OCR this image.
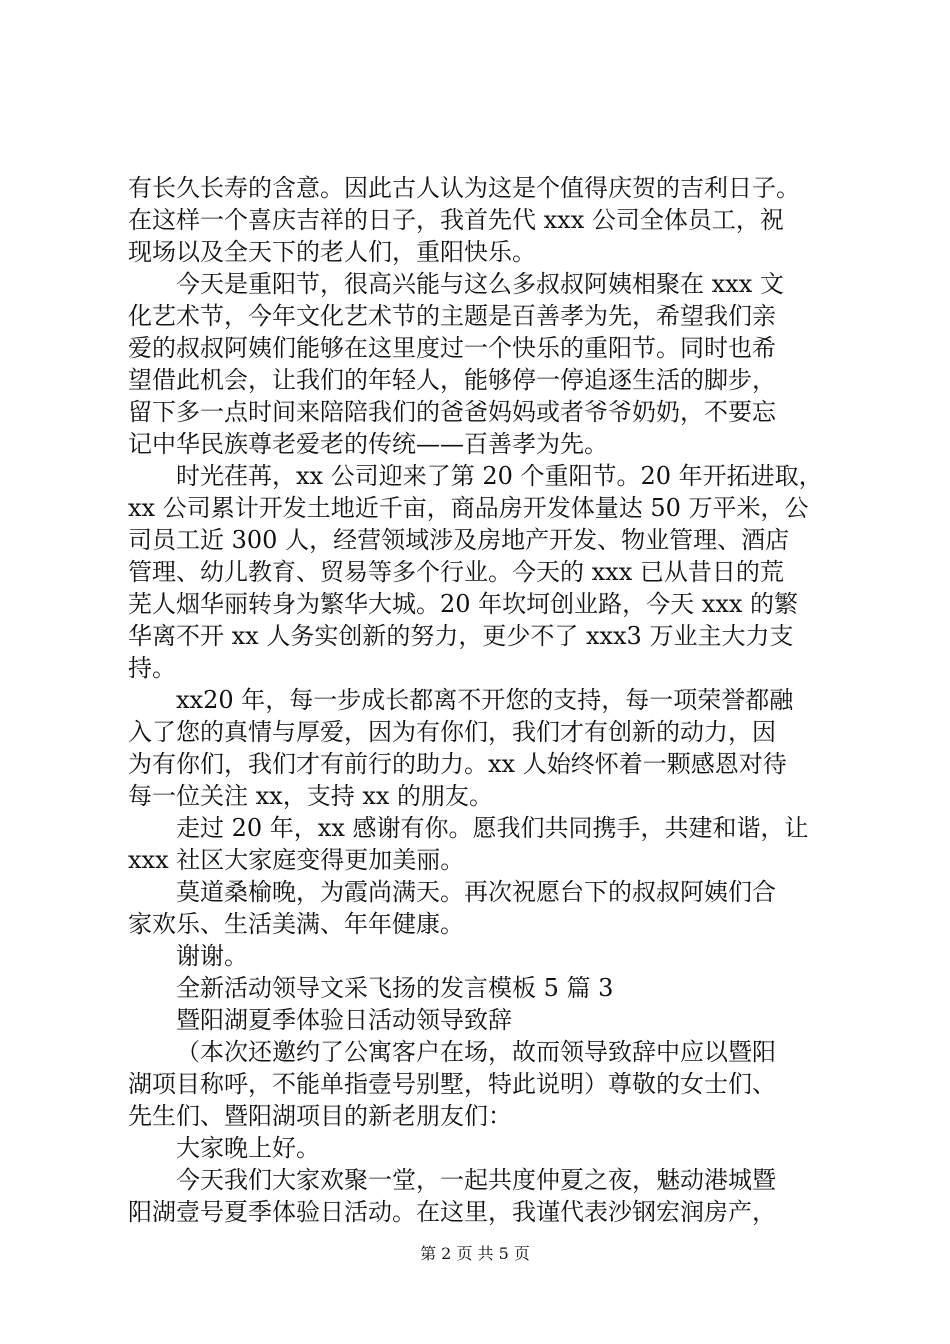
有长久长寿的含意。因此古人认为这是个值得庆贺的吉利日子。
在这样一个喜庆吉祥的日子，我首先代 xxx 公司全体员工，祝
现场以及全天下的老人们，重阳快乐。
今天是重阳节，很高兴能与这么多叔叔阿姨相聚在 xxx 文
化艺术节，今年文化艺术节的主题是百善孝为先，希望我们亲
爱的叔叔阿姨们能够在这里度过一个快乐的重阳节。同时也希
望借此机会，让我们的年轻人，能够停一停追逐生活的脚步，
留下多一点时间来陪陪我们的爸爸妈妈或者爷爷奶奶，不要忘
记中华民族尊老爱老的传统——百善孝为先。
时光荏苒，xx 公司迎来了第 20 个重阳节。20 年开拓进取，
xx 公司累计开发土地近千亩，商品房开发体量达 50 万平米，公
司员工近 300 人，经营领域涉及房地产开发、物业管理、酒店
管理、幼儿教育、贸易等多个行业。今天的 xxx 已从昔日的荒
芜人烟华丽转身为繁华大城。20 年坎坷创业路，今天 xxx 的繁
华离不开 xx 人务实创新的努力，更少不了 xxx3 万业主大力支
持。
xx20 年，每一步成长都离不开您的支持，每一项荣誉都融
入了您的真情与厚爱，因为有你们，我们才有创新的动力，因
为有你们，我们才有前行的助力。xx 人始终怀着一颗感恩对待
每一位关注 xx，支持 xx 的朋友。
走过 20 年，xx 感谢有你。愿我们共同携手，共建和谐，让
xxx 社区大家庭变得更加美丽。
莫道桑榆晚，为霞尚满天。再次祝愿台下的叔叔阿姨们合
家欢乐、生活美满、年年健康。
谢谢。
全新活动领导文采飞扬的发言模板 5 篇 3
暨阳湖夏季体验日活动领导致辞
（本次还邀约了公寓客户在场，故而领导致辞中应以暨阳
湖项目称呼，不能单指壹号别墅，特此说明）尊敬的女士们、
先生们、暨阳湖项目的新老朋友们：
大家晚上好。
今天我们大家欢聚一堂，一起共度仲夏之夜，魅动港城暨
阳湖壹号夏季体验日活动。在这里，我谨代表沙钢宏润房产，
第 2 页 共 5 页
